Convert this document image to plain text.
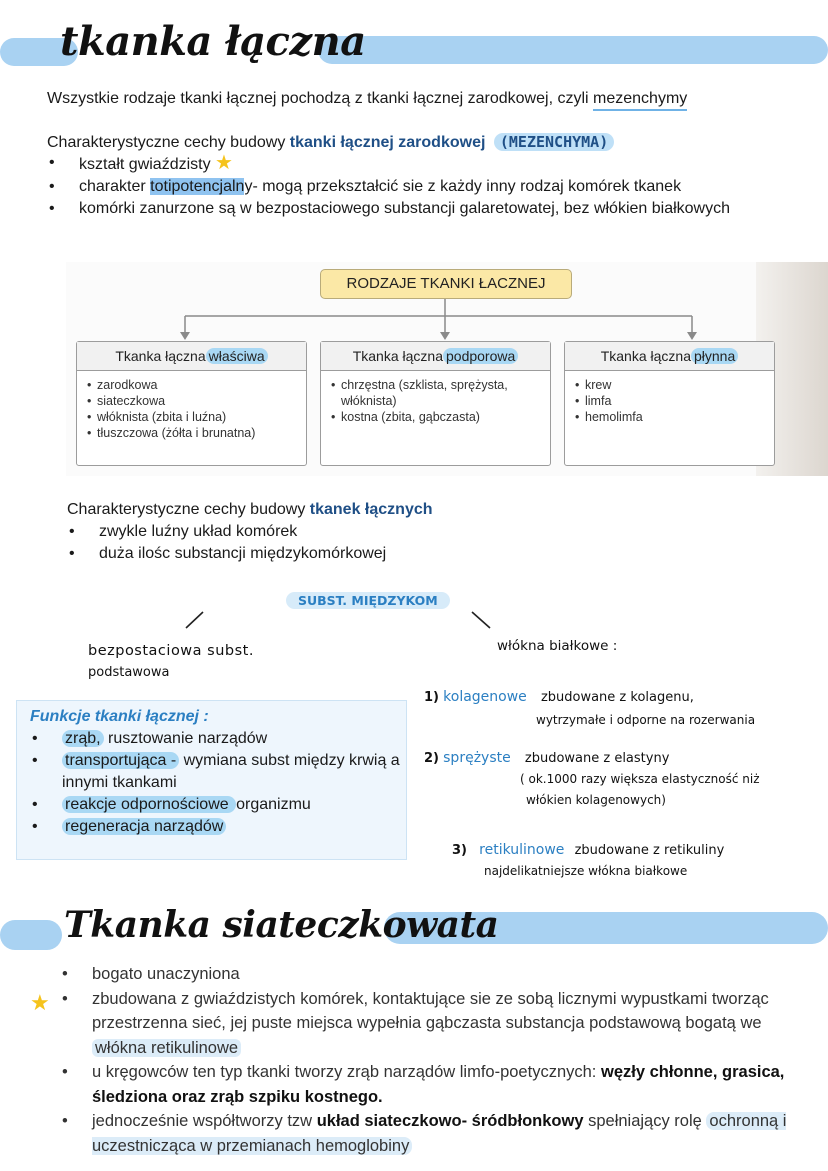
tkanka łączna
Wszystkie rodzaje tkanki łącznej pochodzą z tkanki łącznej zarodkowej, czyli mezenchymy
Charakterystyczne cechy budowy tkanki łącznej zarodkowej (MEZENCHYMA)
• kształt gwiaździsty ★
• charakter totipotencjalny- mogą przekształcić sie z każdy inny rodzaj komórek tkanek
• komórki zanurzone są w bezpostaciowego substancji galaretowatej, bez włókien białkowych
RODZAJE TKANKI ŁACZNEJ
Tkanka łączna właściwa
• zarodkowa
• siateczkowa
• włóknista (zbita i luźna)
• tłuszczowa (żółta i brunatna)
Tkanka łączna podporowa
• chrzęstna (szklista, sprężysta, włóknista)
• kostna (zbita, gąbczasta)
Tkanka łączna płynna
• krew
• limfa
• hemolimfa
Charakterystyczne cechy budowy tkanek łącznych
• zwykle luźny układ komórek
• duża ilośc substancji międzykomórkowej
SUBST. MIĘDZYKOM
bezpostaciowa subst.
podstawowa
włókna białkowe :
1) kolagenowe zbudowane z kolagenu,
wytrzymałe i odporne na rozerwania
2) sprężyste zbudowane z elastyny
( ok.1000 razy większa elastyczność niż
włókien kolagenowych)
3) retikulinowe zbudowane z retikuliny
najdelikatniejsze włókna białkowe
Funkcje tkanki łącznej :
• zrąb, rusztowanie narządów
• transportująca - wymiana subst między krwią a innymi tkankami
• reakcje odpornościowe organizmu
• regeneracja narządów
Tkanka siateczkowata
★
• bogato unaczyniona
• zbudowana z gwiaździstych komórek, kontaktujące sie ze sobą licznymi wypustkami tworząc przestrzenna sieć, jej puste miejsca wypełnia gąbczasta substancja podstawową bogatą we włókna retikulinowe
• u kręgowców ten typ tkanki tworzy zrąb narządów limfo-poetycznych: węzły chłonne, grasica, śledziona oraz zrąb szpiku kostnego.
• jednocześnie współtworzy tzw układ siateczkowo- śródbłonkowy spełniający rolę ochronną i uczestnicząca w przemianach hemoglobiny
